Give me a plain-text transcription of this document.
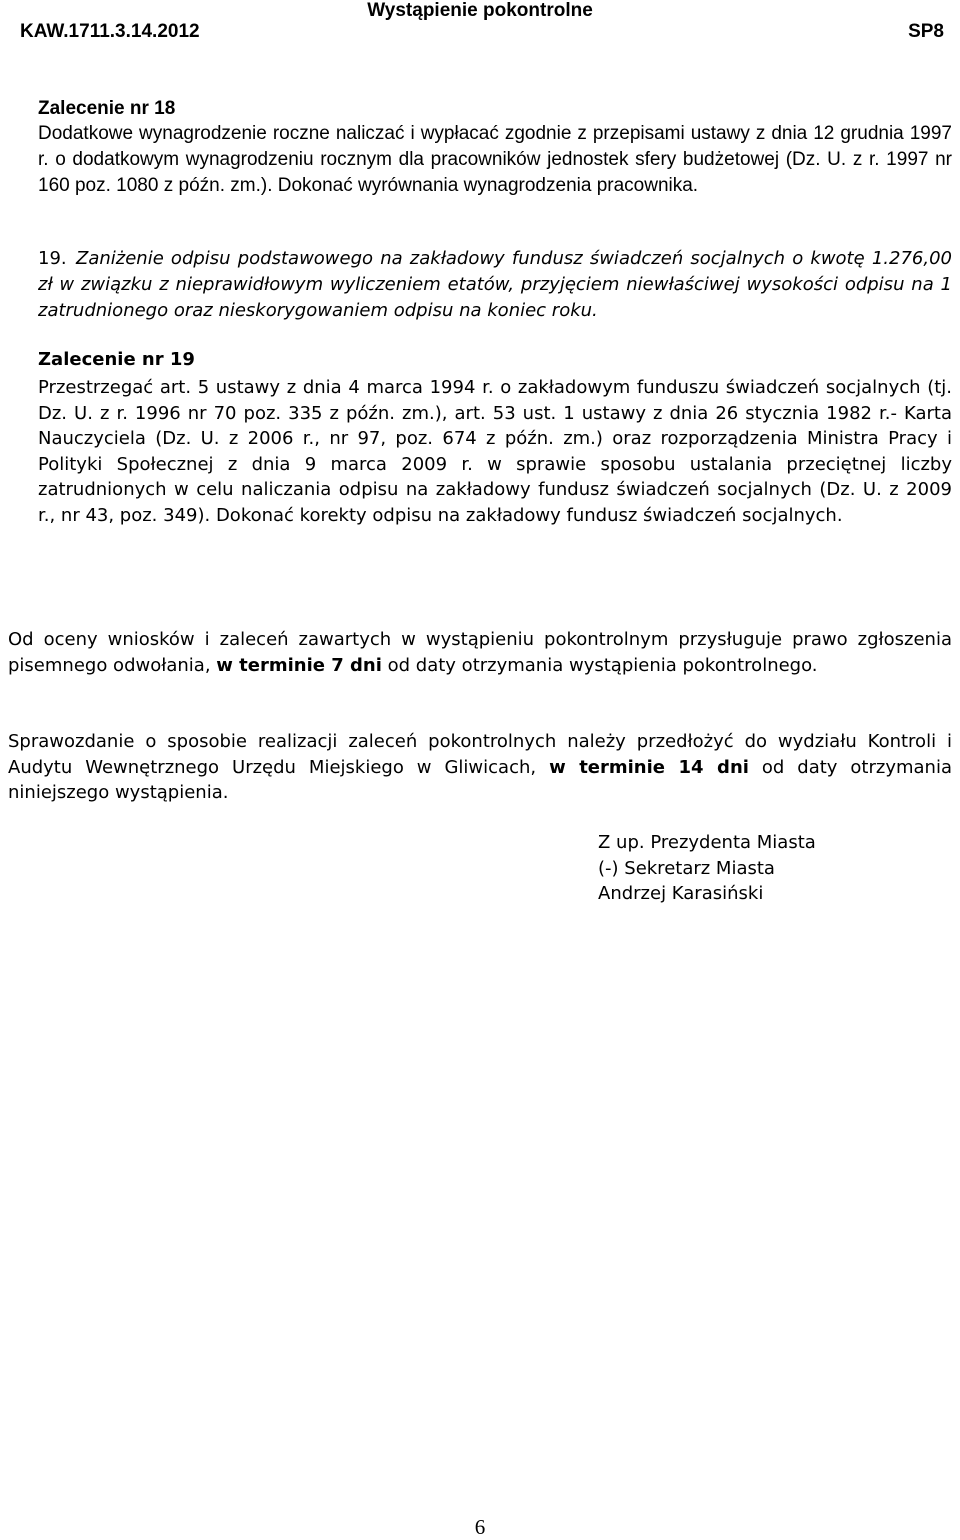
KAW.1711.3.14.2012
Wystąpienie pokontrolne
SP8
Zalecenie nr 18
Dodatkowe wynagrodzenie roczne naliczać i wypłacać zgodnie z przepisami ustawy z dnia 12 grudnia 1997 r. o dodatkowym wynagrodzeniu rocznym dla pracowników jednostek sfery budżetowej (Dz. U. z r. 1997 nr 160 poz. 1080 z późn. zm.). Dokonać wyrównania wynagrodzenia pracownika.
19. Zaniżenie odpisu podstawowego na zakładowy fundusz świadczeń socjalnych o kwotę 1.276,00 zł w związku z nieprawidłowym wyliczeniem etatów, przyjęciem niewłaściwej wysokości odpisu na 1 zatrudnionego oraz nieskorygowaniem odpisu na koniec roku.
Zalecenie nr 19
Przestrzegać art. 5 ustawy z dnia 4 marca 1994 r. o zakładowym funduszu świadczeń socjalnych (tj. Dz. U. z r. 1996 nr 70 poz. 335 z późn. zm.), art. 53 ust. 1 ustawy z dnia 26 stycznia 1982 r.- Karta Nauczyciela (Dz. U. z 2006 r., nr 97, poz. 674 z późn. zm.) oraz rozporządzenia Ministra Pracy i Polityki Społecznej z dnia 9 marca 2009 r. w sprawie sposobu ustalania przeciętnej liczby zatrudnionych w celu naliczania odpisu na zakładowy fundusz świadczeń socjalnych (Dz. U. z 2009 r., nr 43, poz. 349). Dokonać korekty odpisu na zakładowy fundusz świadczeń socjalnych.
Od oceny wniosków i zaleceń zawartych w wystąpieniu pokontrolnym przysługuje prawo zgłoszenia pisemnego odwołania, w terminie 7 dni od daty otrzymania wystąpienia pokontrolnego.
Sprawozdanie o sposobie realizacji zaleceń pokontrolnych należy przedłożyć do wydziału Kontroli i Audytu Wewnętrznego Urzędu Miejskiego w Gliwicach, w terminie 14 dni od daty otrzymania niniejszego wystąpienia.
Z up. Prezydenta Miasta
(-) Sekretarz Miasta
Andrzej Karasiński
6
